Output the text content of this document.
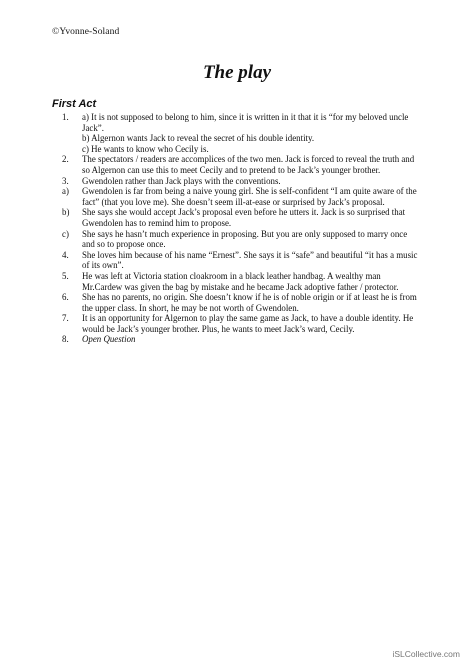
©Yvonne-Soland
The play
First Act
1.	a) It is not supposed to belong to him, since it is written in it that it is “for my beloved uncle Jack”.
b) Algernon wants Jack to reveal the secret of his double identity.
c) He wants to know who Cecily is.
2.	The spectators / readers are accomplices of the two men. Jack is forced to reveal the truth and so Algernon can use this to meet Cecily and to pretend to be Jack’s younger brother.
3.	Gwendolen rather than Jack plays with the conventions.
a)	Gwendolen is far from being a naive young girl. She is self-confident “I am quite aware of the fact” (that you love me). She doesn’t seem ill-at-ease or surprised by Jack’s proposal.
b)	She says she would accept Jack’s proposal even before he utters it. Jack is so surprised that Gwendolen has to remind him to propose.
c)	She says he hasn’t much experience in proposing. But you are only supposed to marry once and so to propose once.
4.	She loves him because of his name “Ernest”. She says it is “safe” and beautiful “it has a music of its own”.
5.	He was left at Victoria station cloakroom in a black leather handbag. A wealthy man Mr.Cardew was given the bag by mistake and he became Jack adoptive father / protector.
6.	She has no parents, no origin. She doesn’t know if he is of noble origin or if at least he is from the upper class. In short, he may be not worth of Gwendolen.
7.	It is an opportunity for Algernon to play the same game as Jack, to have a double identity. He would be Jack’s younger brother. Plus, he wants to meet Jack’s ward, Cecily.
8.	Open Question
iSLCollective.com
